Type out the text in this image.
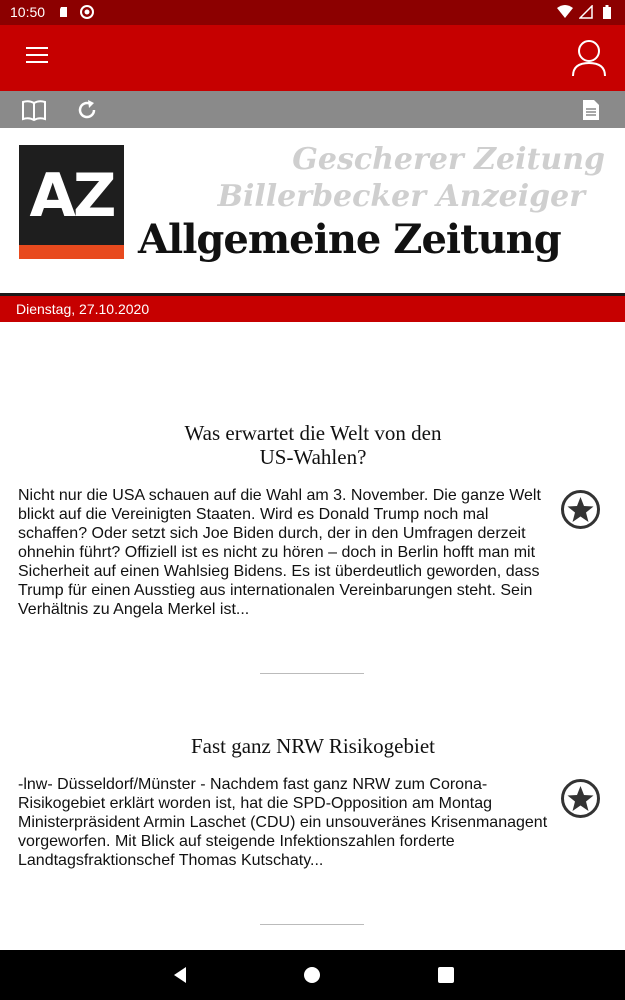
10:50
AZ
Gescherer Zeitung
Billerbecker Anzeiger
Allgemeine Zeitung
Dienstag, 27.10.2020
Was erwartet die Welt von den
US-Wahlen?
Nicht nur die USA schauen auf die Wahl am 3. November. Die ganze Welt blickt auf die Vereinigten Staaten. Wird es Donald Trump noch mal schaffen? Oder setzt sich Joe Biden durch, der in den Umfragen derzeit ohnehin führt? Offiziell ist es nicht zu hören – doch in Berlin hofft man mit Sicherheit auf einen Wahlsieg Bidens. Es ist überdeutlich geworden, dass Trump für einen Ausstieg aus internationalen Vereinbarungen steht. Sein Verhältnis zu Angela Merkel ist...
Fast ganz NRW Risikogebiet
-lnw- Düsseldorf/Münster - Nachdem fast ganz NRW zum Corona-Risikogebiet erklärt worden ist, hat die SPD-Opposition am Montag Ministerpräsident Armin Laschet (CDU) ein unsouveränes Krisenmanagent vorgeworfen. Mit Blick auf steigende Infektionszahlen forderte Landtagsfraktionschef Thomas Kutschaty...
